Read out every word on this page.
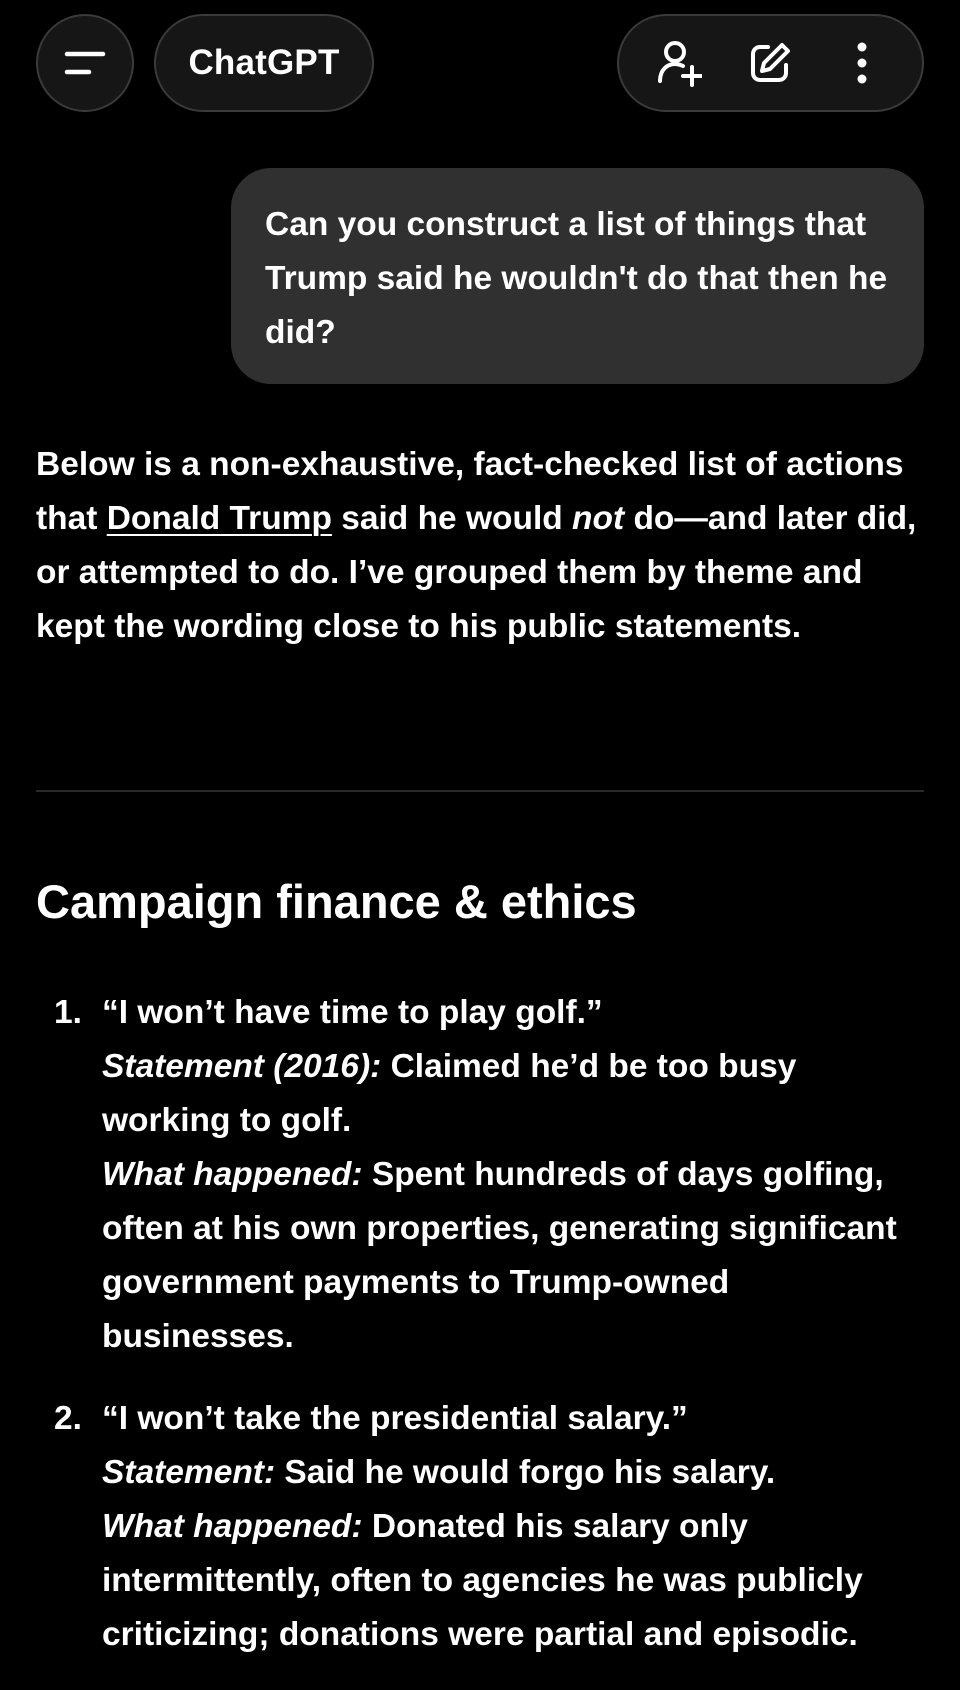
ChatGPT
Can you construct a list of things that Trump said he wouldn't do that then he did?

Below is a non-exhaustive, fact-checked list of actions that Donald Trump said he would not do—and later did, or attempted to do. I’ve grouped them by theme and kept the wording close to his public statements.

Campaign finance & ethics
1. “I won’t have time to play golf.”
Statement (2016): Claimed he’d be too busy working to golf.
What happened: Spent hundreds of days golfing, often at his own properties, generating significant government payments to Trump-owned businesses.
2. “I won’t take the presidential salary.”
Statement: Said he would forgo his salary.
What happened: Donated his salary only intermittently, often to agencies he was publicly criticizing; donations were partial and episodic.
